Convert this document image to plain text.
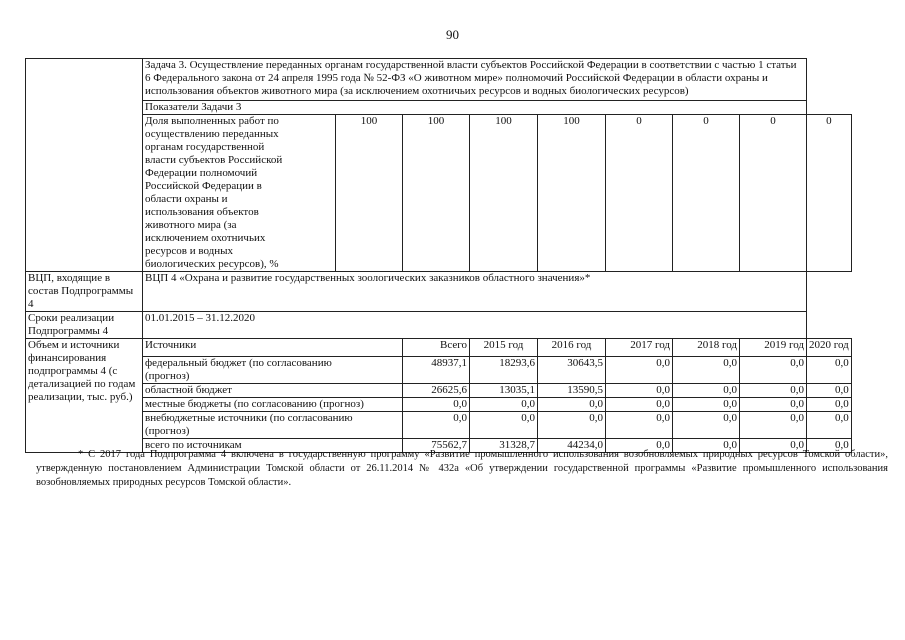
90
	Задача 3. Осуществление переданных органам государственной власти субъектов Российской Федерации в соответствии с частью 1 статьи 6 Федерального закона от 24 апреля 1995 года № 52-ФЗ «О животном мире» полномочий Российской Федерации в области охраны и использования объектов животного мира (за исключением охотничьих ресурсов и водных биологических ресурсов)								
	Показатели Задачи 3								
	Доля выполненных работ по осуществлению переданных органам государственной власти субъектов Российской Федерации полномочий Российской Федерации в области охраны и использования объектов животного мира (за исключением охотничьих ресурсов и водных биологических ресурсов), %	100	100	100	100	0	0	0	0
ВЦП, входящие в состав Подпрограммы 4	ВЦП 4 «Охрана и развитие государственных зоологических заказников областного значения»*								
Сроки реализации Подпрограммы 4	01.01.2015 – 31.12.2020								
Объем и источники финансирования подпрограммы 4 (с детализацией по годам реализации, тыс. руб.)	Источники		Всего	2015 год	2016 год	2017 год	2018 год	2019 год	2020 год
	федеральный бюджет (по согласованию (прогноз)		48937,1	18293,6	30643,5	0,0	0,0	0,0	0,0
	областной бюджет		26625,6	13035,1	13590,5	0,0	0,0	0,0	0,0
	местные бюджеты (по согласованию (прогноз)		0,0	0,0	0,0	0,0	0,0	0,0	0,0
	внебюджетные источники (по согласованию (прогноз)		0,0	0,0	0,0	0,0	0,0	0,0	0,0
	всего по источникам		75562,7	31328,7	44234,0	0,0	0,0	0,0	0,0
* С 2017 года Подпрограмма 4 включена в государственную программу «Развитие промышленного использования возобновляемых природных ресурсов Томской области», утвержденную постановлением Администрации Томской области от 26.11.2014 № 432а «Об утверждении государственной программы «Развитие промышленного использования возобновляемых природных ресурсов Томской области».
